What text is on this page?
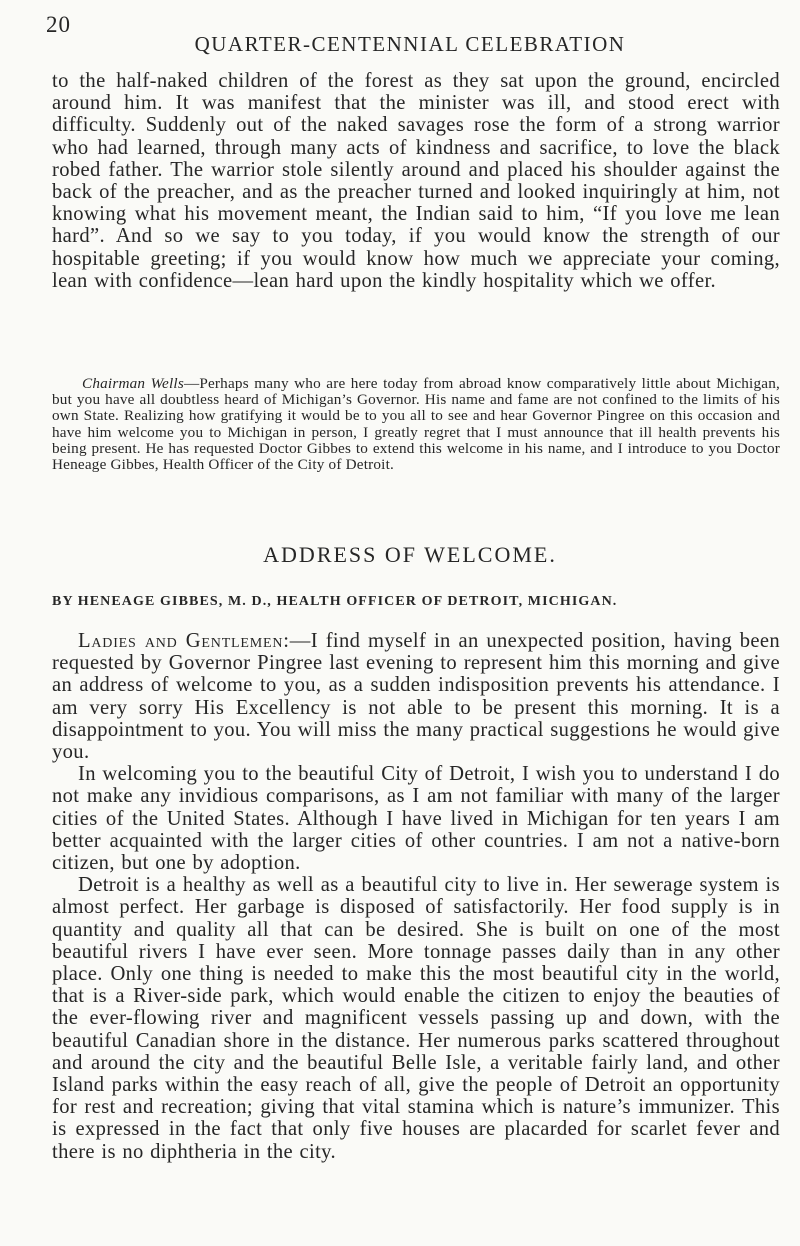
20
QUARTER-CENTENNIAL CELEBRATION

to the half-naked children of the forest as they sat upon the ground, encircled around him. It was manifest that the minister was ill, and stood erect with difficulty. Suddenly out of the naked savages rose the form of a strong warrior who had learned, through many acts of kindness and sacrifice, to love the black robed father. The warrior stole silently around and placed his shoulder against the back of the preacher, and as the preacher turned and looked inquiringly at him, not knowing what his movement meant, the Indian said to him, “If you love me lean hard”. And so we say to you today, if you would know the strength of our hospitable greeting; if you would know how much we appreciate your coming, lean with confidence—lean hard upon the kindly hospitality which we offer.

Chairman Wells—Perhaps many who are here today from abroad know comparatively little about Michigan, but you have all doubtless heard of Michigan’s Governor. His name and fame are not confined to the limits of his own State. Realizing how gratifying it would be to you all to see and hear Governor Pingree on this occasion and have him welcome you to Michigan in person, I greatly regret that I must announce that ill health prevents his being present. He has requested Doctor Gibbes to extend this welcome in his name, and I introduce to you Doctor Heneage Gibbes, Health Officer of the City of Detroit.

ADDRESS OF WELCOME.
BY HENEAGE GIBBES, M. D., HEALTH OFFICER OF DETROIT, MICHIGAN.

Ladies and Gentlemen:—I find myself in an unexpected position, having been requested by Governor Pingree last evening to represent him this morning and give an address of welcome to you, as a sudden indisposition prevents his attendance. I am very sorry His Excellency is not able to be present this morning. It is a disappointment to you. You will miss the many practical suggestions he would give you.

In welcoming you to the beautiful City of Detroit, I wish you to understand I do not make any invidious comparisons, as I am not familiar with many of the larger cities of the United States. Although I have lived in Michigan for ten years I am better acquainted with the larger cities of other countries. I am not a native-born citizen, but one by adoption.

Detroit is a healthy as well as a beautiful city to live in. Her sewerage system is almost perfect. Her garbage is disposed of satisfactorily. Her food supply is in quantity and quality all that can be desired. She is built on one of the most beautiful rivers I have ever seen. More tonnage passes daily than in any other place. Only one thing is needed to make this the most beautiful city in the world, that is a River-side park, which would enable the citizen to enjoy the beauties of the ever-flowing river and magnificent vessels passing up and down, with the beautiful Canadian shore in the distance. Her numerous parks scattered throughout and around the city and the beautiful Belle Isle, a veritable fairly land, and other Island parks within the easy reach of all, give the people of Detroit an opportunity for rest and recreation; giving that vital stamina which is nature’s immunizer. This is expressed in the fact that only five houses are placarded for scarlet fever and there is no diphtheria in the city.
